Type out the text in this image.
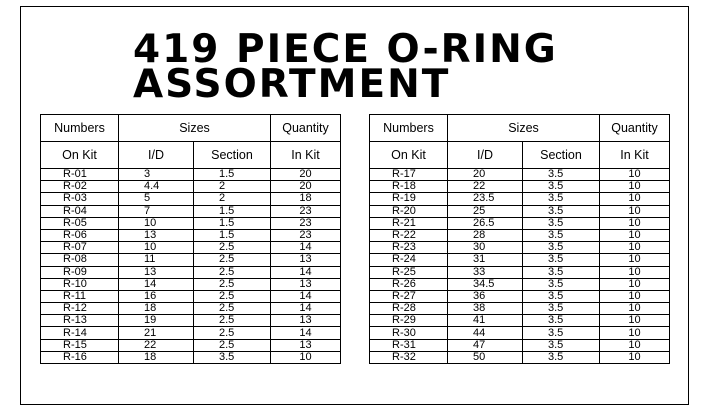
419 PIECE O-RING
ASSORTMENT
Numbers	Sizes		Quantity
On Kit	I/D	Section	In Kit
R-01	3	1.5	20
R-02	4.4	2	20
R-03	5	2	18
R-04	7	1.5	23
R-05	10	1.5	23
R-06	13	1.5	23
R-07	10	2.5	14
R-08	11	2.5	13
R-09	13	2.5	14
R-10	14	2.5	13
R-11	16	2.5	14
R-12	18	2.5	14
R-13	19	2.5	13
R-14	21	2.5	14
R-15	22	2.5	13
R-16	18	3.5	10
Numbers	Sizes		Quantity
On Kit	I/D	Section	In Kit
R-17	20	3.5	10
R-18	22	3.5	10
R-19	23.5	3.5	10
R-20	25	3.5	10
R-21	26.5	3.5	10
R-22	28	3.5	10
R-23	30	3.5	10
R-24	31	3.5	10
R-25	33	3.5	10
R-26	34.5	3.5	10
R-27	36	3.5	10
R-28	38	3.5	10
R-29	41	3.5	10
R-30	44	3.5	10
R-31	47	3.5	10
R-32	50	3.5	10
